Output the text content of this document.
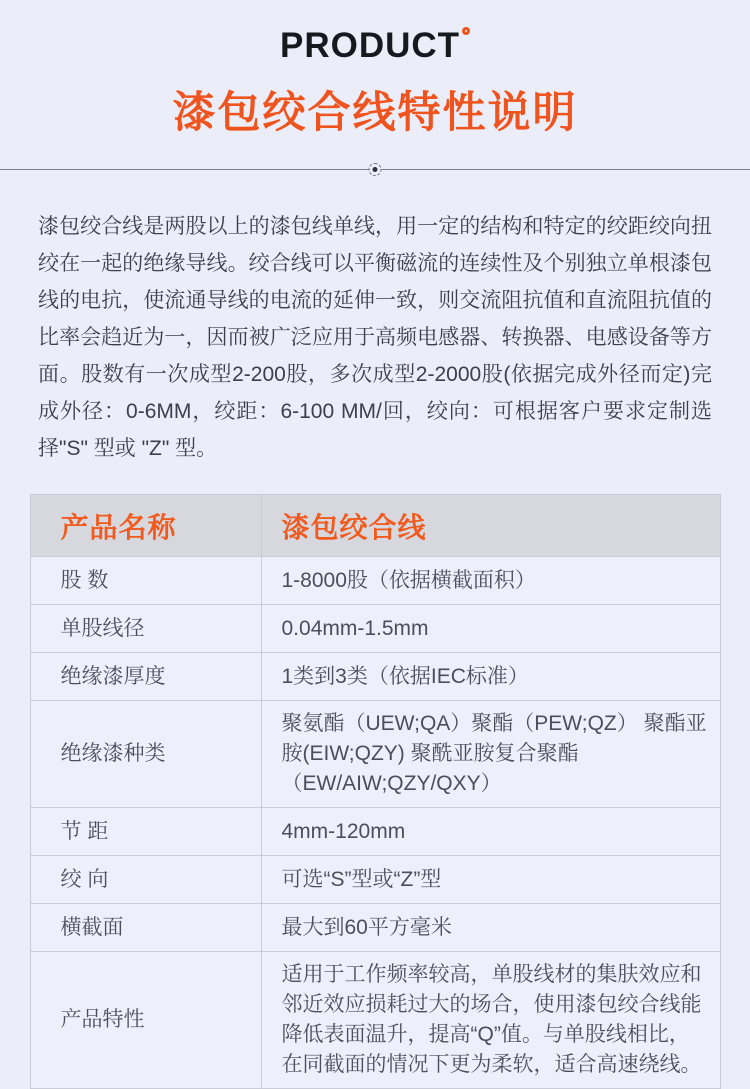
PRODUCT
漆包绞合线特性说明

漆包绞合线是两股以上的漆包线单线，用一定的结构和特定的绞距绞向扭绞在一起的绝缘导线。绞合线可以平衡磁流的连续性及个别独立单根漆包线的电抗，使流通导线的电流的延伸一致，则交流阻抗值和直流阻抗值的比率会趋近为一，因而被广泛应用于高频电感器、转换器、电感设备等方面。股数有一次成型2-200股，多次成型2-2000股(依据完成外径而定)完成外径：0-6MM，绞距：6-100 MM/回，绞向：可根据客户要求定制选择"S" 型或 "Z" 型。

产品名称	漆包绞合线
股 数	1-8000股（依据横截面积）
单股线径	0.04mm-1.5mm
绝缘漆厚度	1类到3类（依据IEC标准）
绝缘漆种类	聚氨酯（UEW;QA）聚酯（PEW;QZ） 聚酯亚胺(EIW;QZY) 聚酰亚胺复合聚酯（EW/AIW;QZY/QXY）
节 距	4mm-120mm
绞 向	可选“S”型或“Z”型
横截面	最大到60平方毫米
产品特性	适用于工作频率较高，单股线材的集肤效应和邻近效应损耗过大的场合，使用漆包绞合线能降低表面温升，提高“Q”值。与单股线相比，在同截面的情况下更为柔软，适合高速绕线。
